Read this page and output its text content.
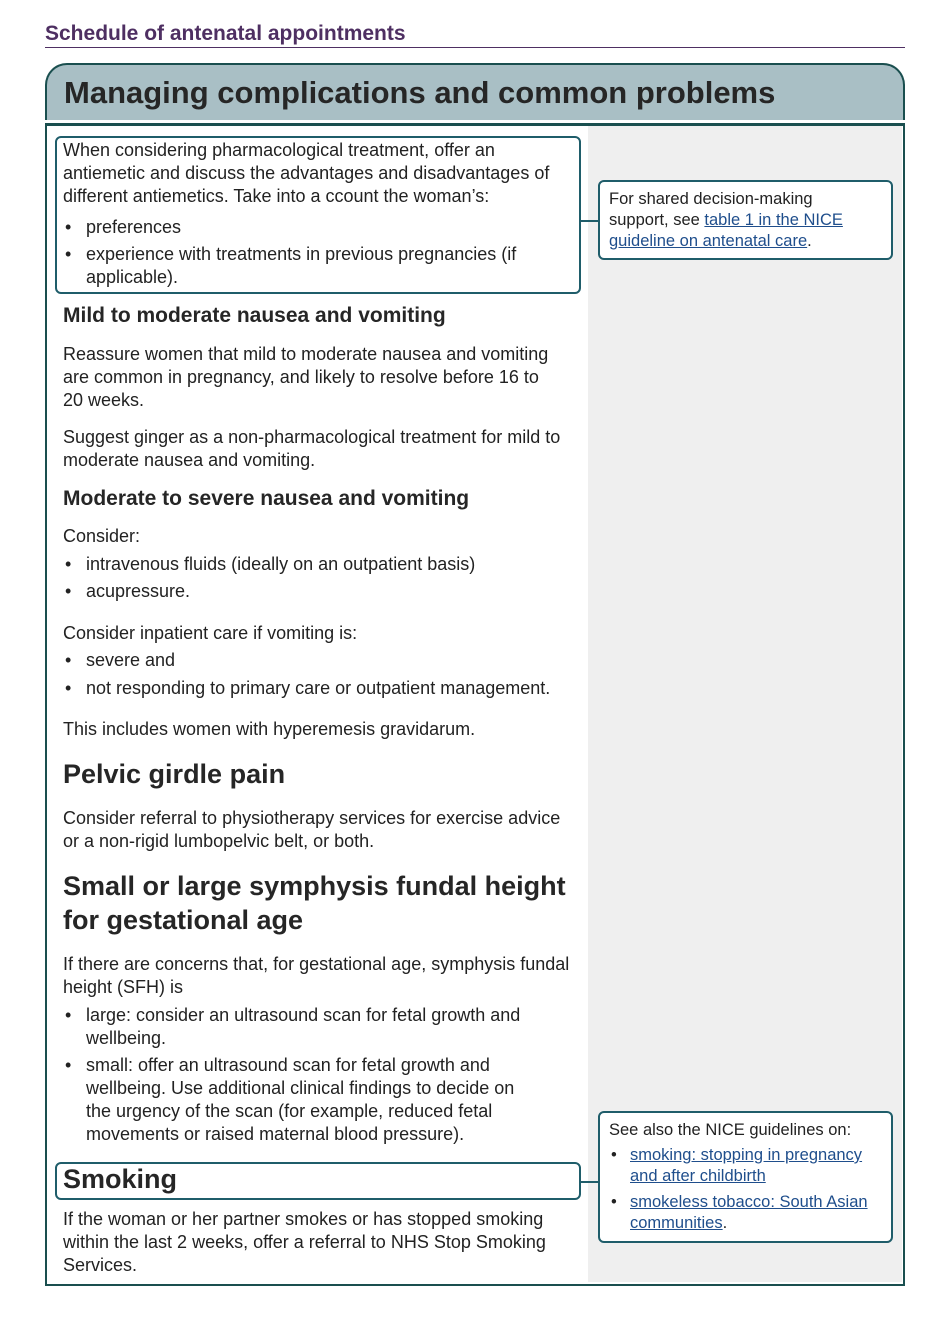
Schedule of antenatal appointments
Managing complications and common problems
When considering pharmacological treatment, offer an antiemetic and discuss the advantages and disadvantages of different antiemetics. Take into a ccount the woman’s:
• preferences
• experience with treatments in previous pregnancies (if applicable).
For shared decision-making support, see table 1 in the NICE guideline on antenatal care.
Mild to moderate nausea and vomiting
Reassure women that mild to moderate nausea and vomiting are common in pregnancy, and likely to resolve before 16 to 20 weeks.
Suggest ginger as a non-pharmacological treatment for mild to moderate nausea and vomiting.
Moderate to severe nausea and vomiting
Consider:
• intravenous fluids (ideally on an outpatient basis)
• acupressure.
Consider inpatient care if vomiting is:
• severe and
• not responding to primary care or outpatient management.
This includes women with hyperemesis gravidarum.
Pelvic girdle pain
Consider referral to physiotherapy services for exercise advice or a non-rigid lumbopelvic belt, or both.
Small or large symphysis fundal height for gestational age
If there are concerns that, for gestational age, symphysis fundal height (SFH) is
• large: consider an ultrasound scan for fetal growth and wellbeing.
• small: offer an ultrasound scan for fetal growth and wellbeing. Use additional clinical findings to decide on the urgency of the scan (for example, reduced fetal movements or raised maternal blood pressure).
Smoking
If the woman or her partner smokes or has stopped smoking within the last 2 weeks, offer a referral to NHS Stop Smoking Services.
See also the NICE guidelines on:
• smoking: stopping in pregnancy and after childbirth
• smokeless tobacco: South Asian communities.
